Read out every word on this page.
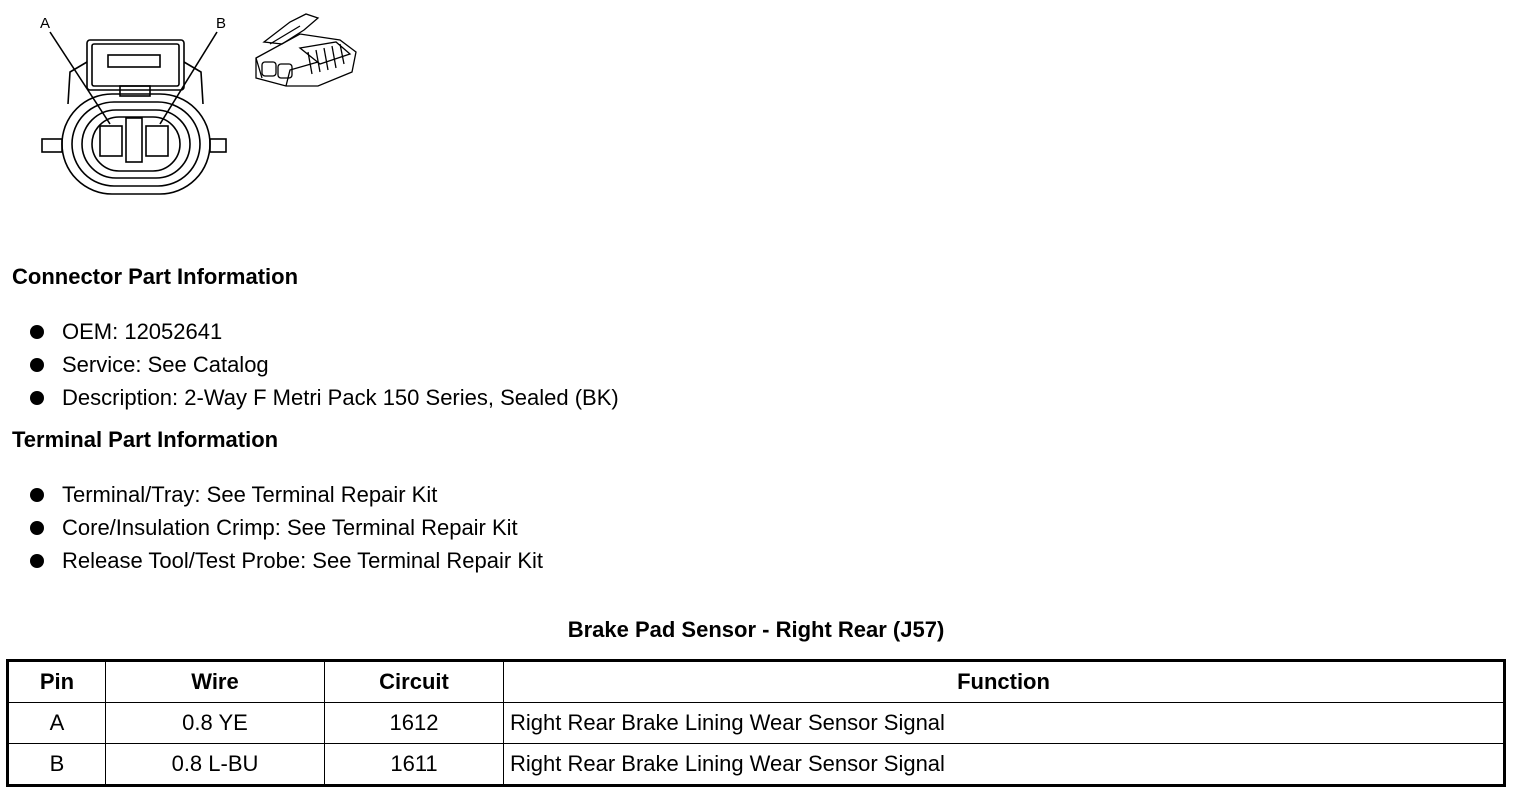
A	B
Connector Part Information
OEM: 12052641
Service: See Catalog
Description: 2-Way F Metri Pack 150 Series, Sealed (BK)
Terminal Part Information
Terminal/Tray: See Terminal Repair Kit
Core/Insulation Crimp: See Terminal Repair Kit
Release Tool/Test Probe: See Terminal Repair Kit
Brake Pad Sensor - Right Rear (J57)
Pin	Wire	Circuit	Function
A	0.8 YE	1612	Right Rear Brake Lining Wear Sensor Signal
B	0.8 L-BU	1611	Right Rear Brake Lining Wear Sensor Signal
